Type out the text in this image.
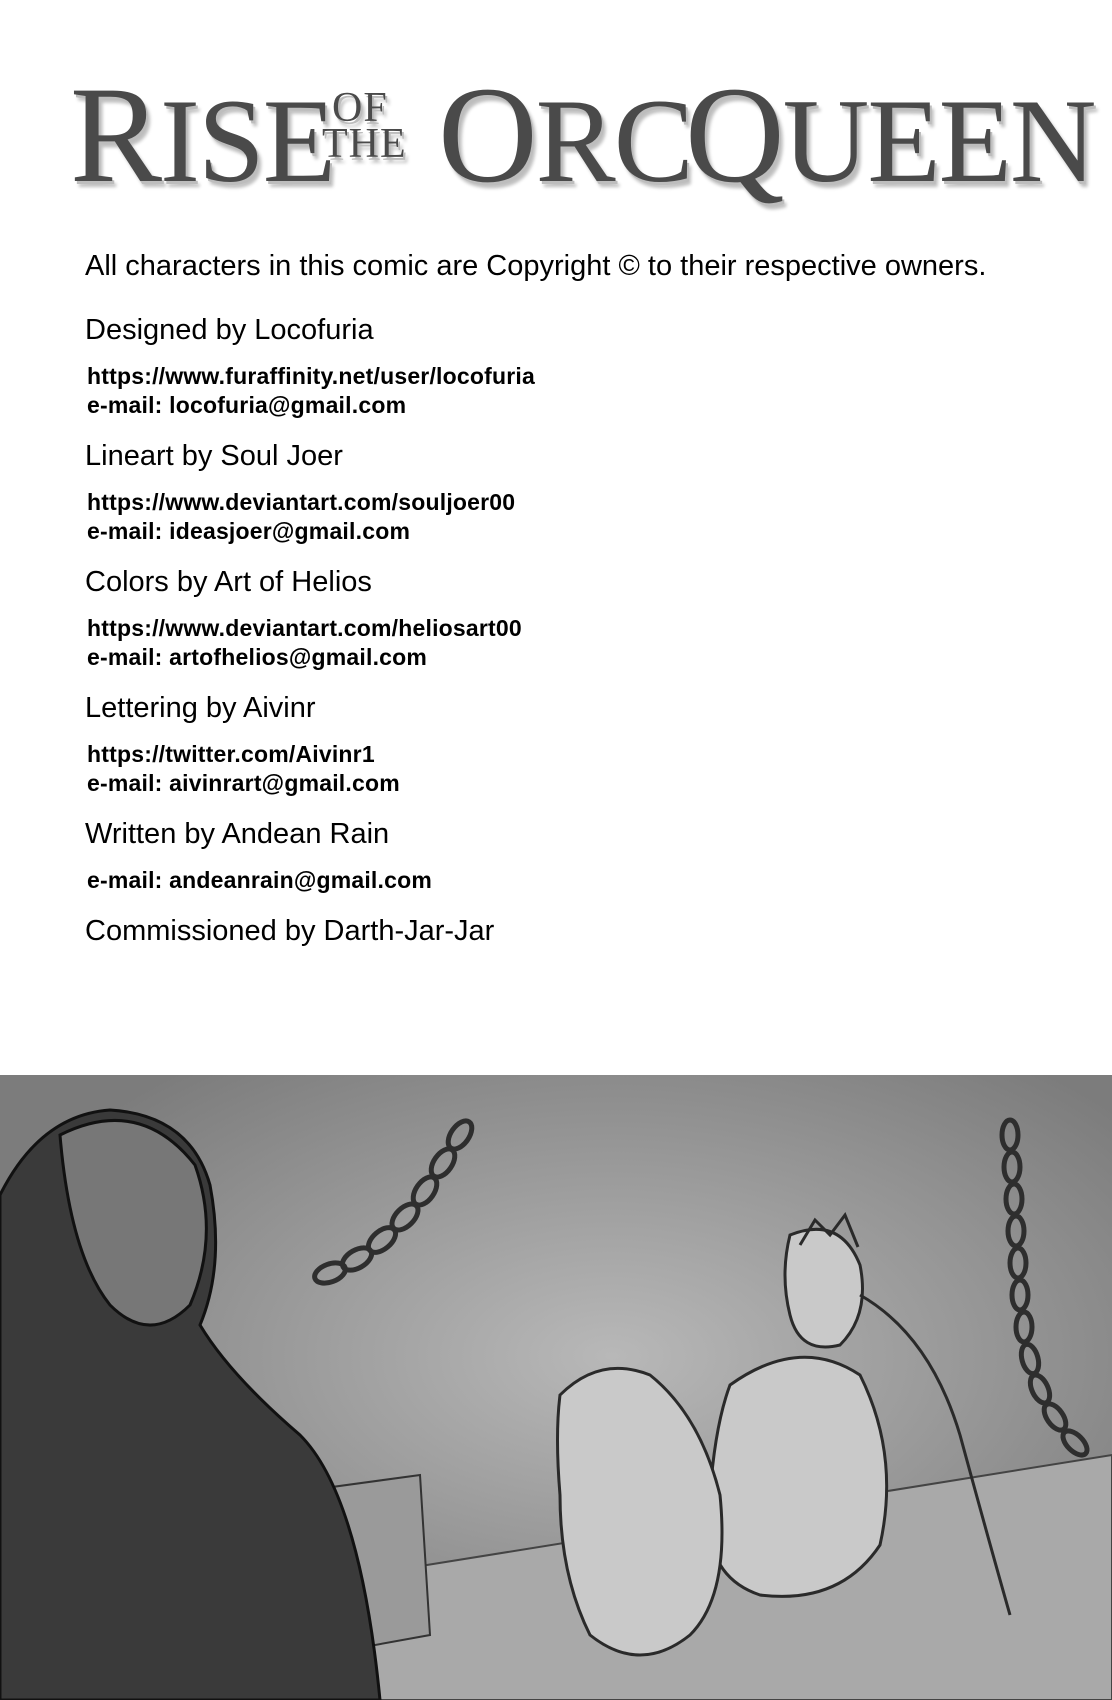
RISE
OF
THE ORC
QUEEN

All characters in this comic are Copyright © to their respective owners.

Designed by Locofuria

https://www.furaffinity.net/user/locofuria
e-mail: locofuria@gmail.com

Lineart by Soul Joer

https://www.deviantart.com/souljoer00
e-mail: ideasjoer@gmail.com

Colors by Art of Helios

https://www.deviantart.com/heliosart00
e-mail: artofhelios@gmail.com

Lettering by Aivinr

https://twitter.com/Aivinr1
e-mail: aivinrart@gmail.com

Written by Andean Rain

e-mail: andeanrain@gmail.com

Commissioned by Darth-Jar-Jar
